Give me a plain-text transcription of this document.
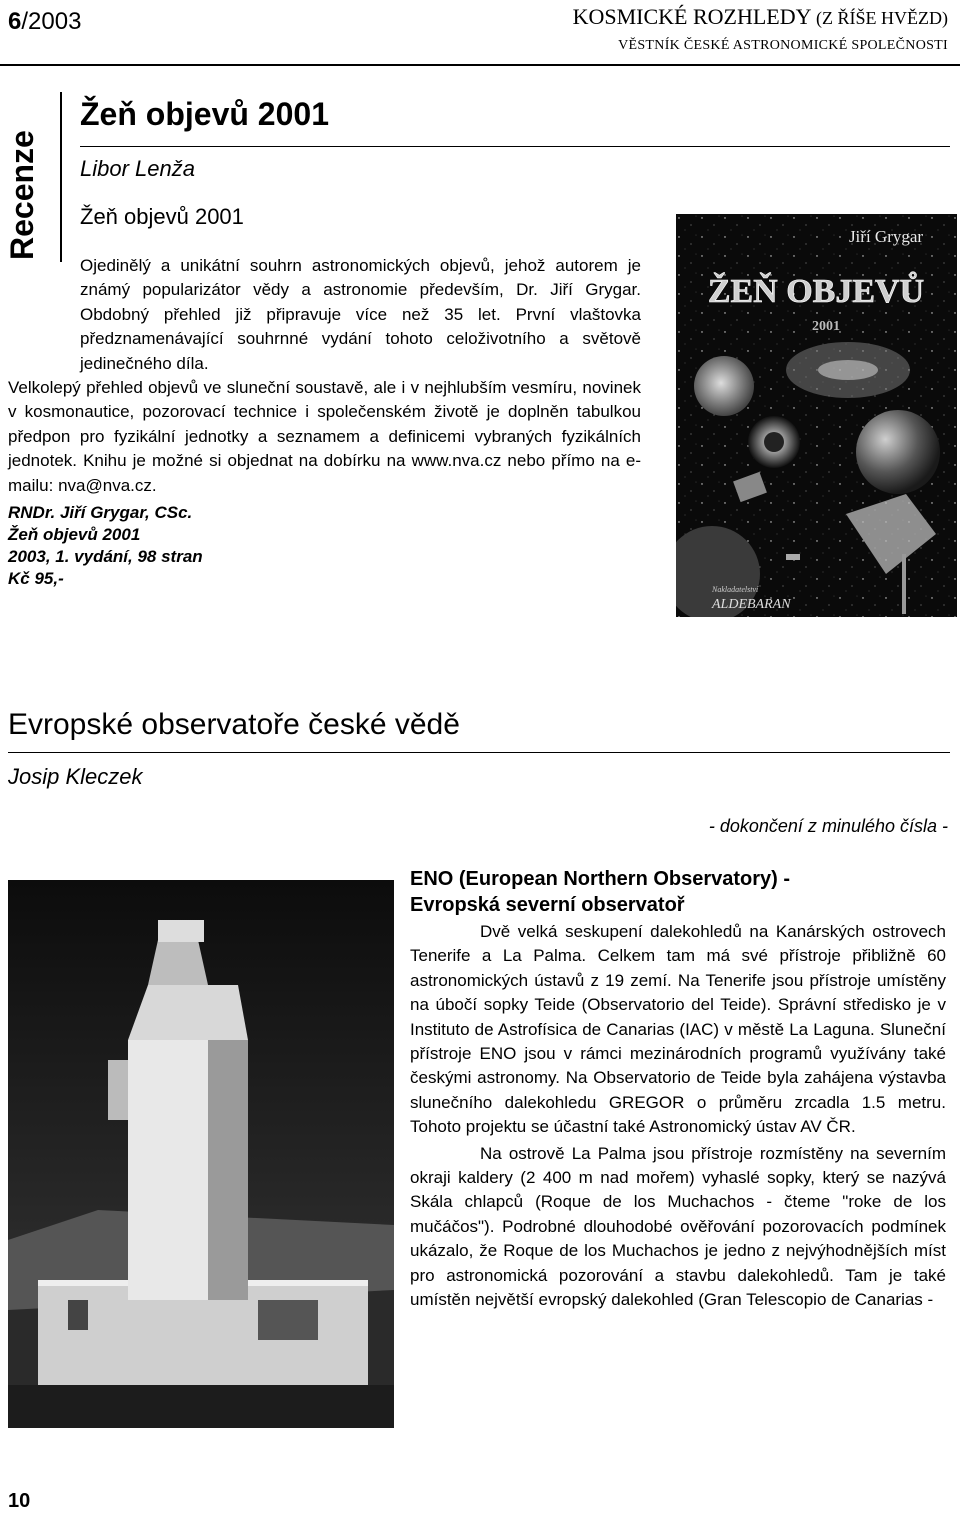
6/2003	KOSMICKÉ ROZHLEDY (Z ŘÍŠE HVĚZD)
VĚSTNÍK ČESKÉ ASTRONOMICKÉ SPOLEČNOSTI
Recenze
Žeň objevů 2001
Libor Lenža
Žeň objevů 2001

Ojedinělý a unikátní souhrn astronomických objevů, jehož autorem je známý popularizátor vědy a astronomie především, Dr. Jiří Grygar. Obdobný přehled již připravuje více než 35 let. První vlaštovka předznamenávající souhrnné vydání tohoto celoživotního a světově jedinečného díla.

Velkolepý přehled objevů ve sluneční soustavě, ale i v nejhlubším vesmíru, novinek v kosmonautice, pozorovací technice i společenském životě je doplněn tabulkou předpon pro fyzikální jednotky a seznamem a definicemi vybraných fyzikálních jednotek. Knihu je možné si objednat na dobírku na www.nva.cz nebo přímo na e-mailu: nva@nva.cz.

RNDr. Jiří Grygar, CSc.
Žeň objevů 2001
2003, 1. vydání, 98 stran
Kč 95,-
Jiří Grygar
ŽEŇ OBJEVŮ
2001
Nakladatelství
ALDEBARAN
Evropské observatoře české vědě
Josip Kleczek
- dokončení z minulého čísla -
ENO (European Northern Observatory) -
Evropská severní observatoř

Dvě velká seskupení dalekohledů na Kanárských ostrovech Tenerife a La Palma. Celkem tam má své přístroje přibližně 60 astronomických ústavů z 19 zemí. Na Tenerife jsou přístroje umístěny na úbočí sopky Teide (Observatorio del Teide). Správní středisko je v Instituto de Astrofísica de Canarias (IAC) v městě La Laguna. Sluneční přístroje ENO jsou v rámci mezinárodních programů využívány také českými astronomy. Na Observatorio de Teide byla zahájena výstavba slunečního dalekohledu GREGOR o průměru zrcadla 1.5 metru. Tohoto projektu se účastní také Astronomický ústav AV ČR.

Na ostrově La Palma jsou přístroje rozmístěny na severním okraji kaldery (2 400 m nad mořem) vyhaslé sopky, který se nazývá Skála chlapců (Roque de los Muchachos - čteme "roke de los mučáčos"). Podrobné dlouhodobé ověřování pozorovacích podmínek ukázalo, že Roque de los Muchachos je jedno z nejvýhodnějších míst pro astronomická pozorování a stavbu dalekohledů. Tam je také umístěn největší evropský dalekohled (Gran Telescopio de Canarias -

10
